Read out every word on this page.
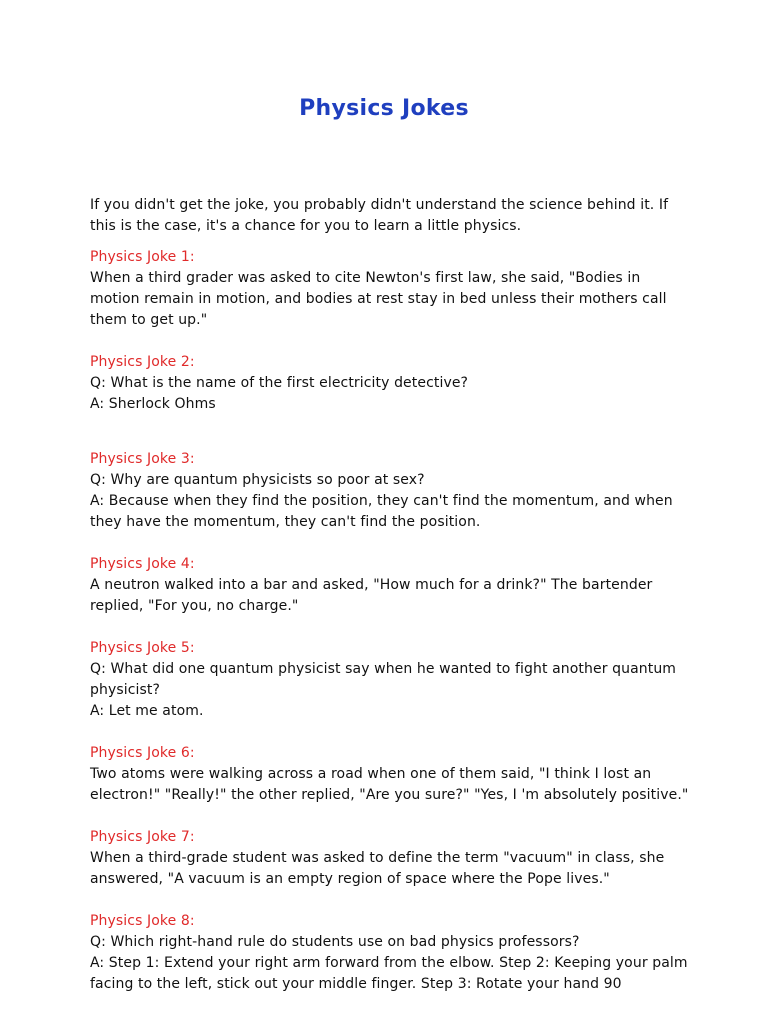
Physics Jokes

If you didn't get the joke, you probably didn't understand the science behind it. If this is the case, it's a chance for you to learn a little physics.

Physics Joke 1:

When a third grader was asked to cite Newton's first law, she said, "Bodies in motion remain in motion, and bodies at rest stay in bed unless their mothers call them to get up."

Physics Joke 2:

Q: What is the name of the first electricity detective?

A: Sherlock Ohms

Physics Joke 3:

Q: Why are quantum physicists so poor at sex?

A: Because when they find the position, they can't find the momentum, and when they have the momentum, they can't find the position.

Physics Joke 4:

A neutron walked into a bar and asked, "How much for a drink?" The bartender replied, "For you, no charge."

Physics Joke 5:

Q: What did one quantum physicist say when he wanted to fight another quantum physicist?

A: Let me atom.

Physics Joke 6:

Two atoms were walking across a road when one of them said, "I think I lost an electron!" "Really!" the other replied, "Are you sure?" "Yes, I 'm absolutely positive."

Physics Joke 7:

When a third-grade student was asked to define the term "vacuum" in class, she answered, "A vacuum is an empty region of space where the Pope lives."

Physics Joke 8:

Q: Which right-hand rule do students use on bad physics professors?

A: Step 1: Extend your right arm forward from the elbow. Step 2: Keeping your palm facing to the left, stick out your middle finger. Step 3: Rotate your hand 90
